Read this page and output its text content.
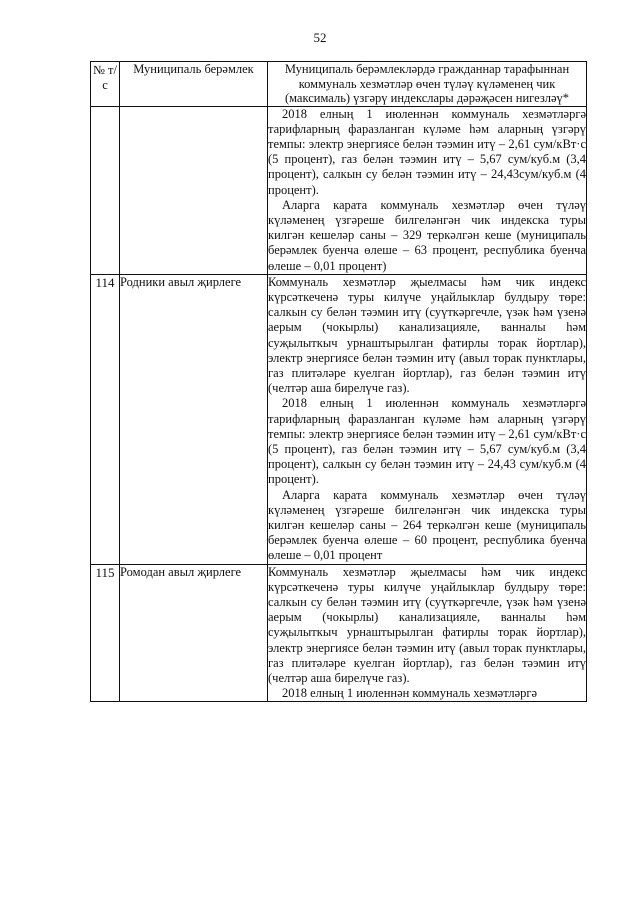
52
№ т/с	Муниципаль берәмлек	Муниципаль берәмлекләрдә гражданнар тарафыннан коммуналь хезмәтләр өчен түләү күләменең чик (максималь) үзгәрү индекслары дәрәҗәсен нигезләү*

		2018 елның 1 июленнән коммуналь хезмәтләргә тарифларның фаразланган күләме һәм аларның үзгәрү темпы: электр энергиясе белән тәэмин итү – 2,61 сум/кВт·с (5 процент), газ белән тәэмин итү – 5,67 сум/куб.м (3,4 процент), салкын су белән тәэмин итү – 24,43сум/куб.м (4 процент).
Аларга карата коммуналь хезмәтләр өчен түләү күләменең үзгәреше билгеләнгән чик индекска туры килгән кешеләр саны – 329 теркәлгән кеше (муниципаль берәмлек буенча өлеше – 63 процент, республика буенча өлеше – 0,01 процент)

114	Родники авыл җирлеге	Коммуналь хезмәтләр җыелмасы һәм чик индекс күрсәткеченә туры килүче уңайлыклар булдыру төре: салкын су белән тәэмин итү (суүткәргечле, үзәк һәм үзенә аерым (чокырлы) канализацияле, ванналы һәм суҗылыткыч урнаштырылган фатирлы торак йортлар), электр энергиясе белән тәэмин итү (авыл торак пунктлары, газ плитәләре куелган йортлар), газ белән тәэмин итү (челтәр аша бирелүче газ).
2018 елның 1 июленнән коммуналь хезмәтләргә тарифларның фаразланган күләме һәм аларның үзгәрү темпы: электр энергиясе белән тәэмин итү – 2,61 сум/кВт·с (5 процент), газ белән тәэмин итү – 5,67 сум/куб.м (3,4 процент), салкын су белән тәэмин итү – 24,43 сум/куб.м (4 процент).
Аларга карата коммуналь хезмәтләр өчен түләү күләменең үзгәреше билгеләнгән чик индекска туры килгән кешеләр саны – 264 теркәлгән кеше (муниципаль берәмлек буенча өлеше – 60 процент, республика буенча өлеше – 0,01 процент

115	Ромодан авыл җирлеге	Коммуналь хезмәтләр җыелмасы һәм чик индекс күрсәткеченә туры килүче уңайлыклар булдыру төре: салкын су белән тәэмин итү (суүткәргечле, үзәк һәм үзенә аерым (чокырлы) канализацияле, ванналы һәм суҗылыткыч урнаштырылган фатирлы торак йортлар), электр энергиясе белән тәэмин итү (авыл торак пунктлары, газ плитәләре куелган йортлар), газ белән тәэмин итү (челтәр аша бирелүче газ).
2018 елның 1 июленнән коммуналь хезмәтләргә
